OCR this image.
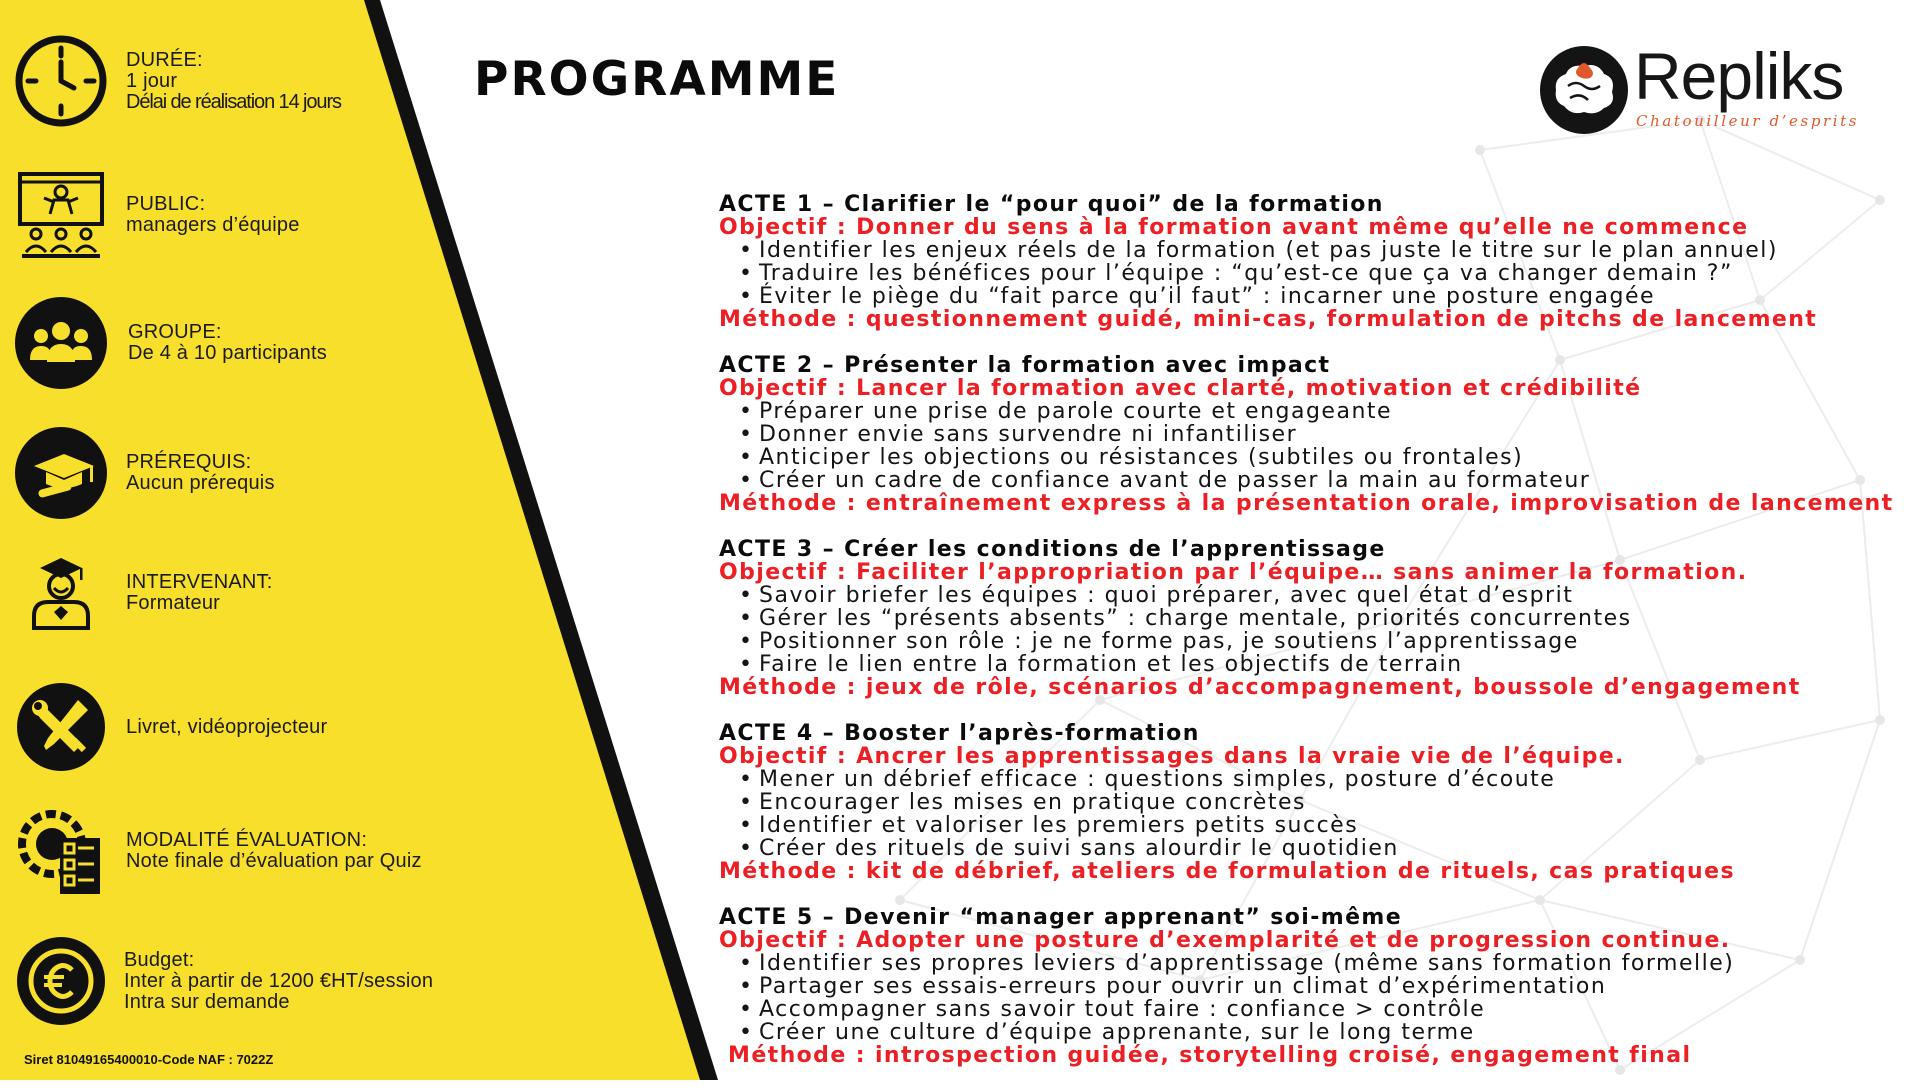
DURÉE:
1 jour
Délai de réalisation 14 jours
PUBLIC:
managers d’équipe
GROUPE:
De 4 à 10 participants
PRÉREQUIS:
Aucun prérequis
INTERVENANT:
Formateur
Livret, vidéoprojecteur
MODALITÉ ÉVALUATION:
Note finale d’évaluation par Quiz
Budget:
Inter à partir de 1200 €HT/session
Intra sur demande
Siret 81049165400010-Code NAF : 7022Z
PROGRAMME	Repliks
Chatouilleur d’esprits
ACTE 1 – Clarifier le “pour quoi” de la formation
Objectif : Donner du sens à la formation avant même qu’elle ne commence
• Identifier les enjeux réels de la formation (et pas juste le titre sur le plan annuel)
• Traduire les bénéfices pour l’équipe : “qu’est-ce que ça va changer demain ?”
• Éviter le piège du “fait parce qu’il faut” : incarner une posture engagée
Méthode : questionnement guidé, mini-cas, formulation de pitchs de lancement
ACTE 2 – Présenter la formation avec impact
Objectif : Lancer la formation avec clarté, motivation et crédibilité
• Préparer une prise de parole courte et engageante
• Donner envie sans survendre ni infantiliser
• Anticiper les objections ou résistances (subtiles ou frontales)
• Créer un cadre de confiance avant de passer la main au formateur
Méthode : entraînement express à la présentation orale, improvisation de lancement
ACTE 3 – Créer les conditions de l’apprentissage
Objectif : Faciliter l’appropriation par l’équipe… sans animer la formation.
• Savoir briefer les équipes : quoi préparer, avec quel état d’esprit
• Gérer les “présents absents” : charge mentale, priorités concurrentes
• Positionner son rôle : je ne forme pas, je soutiens l’apprentissage
• Faire le lien entre la formation et les objectifs de terrain
Méthode : jeux de rôle, scénarios d’accompagnement, boussole d’engagement
ACTE 4 – Booster l’après-formation
Objectif : Ancrer les apprentissages dans la vraie vie de l’équipe.
• Mener un débrief efficace : questions simples, posture d’écoute
• Encourager les mises en pratique concrètes
• Identifier et valoriser les premiers petits succès
• Créer des rituels de suivi sans alourdir le quotidien
Méthode : kit de débrief, ateliers de formulation de rituels, cas pratiques
ACTE 5 – Devenir “manager apprenant” soi-même
Objectif : Adopter une posture d’exemplarité et de progression continue.
• Identifier ses propres leviers d’apprentissage (même sans formation formelle)
• Partager ses essais-erreurs pour ouvrir un climat d’expérimentation
• Accompagner sans savoir tout faire : confiance > contrôle
• Créer une culture d’équipe apprenante, sur le long terme
Méthode : introspection guidée, storytelling croisé, engagement final
